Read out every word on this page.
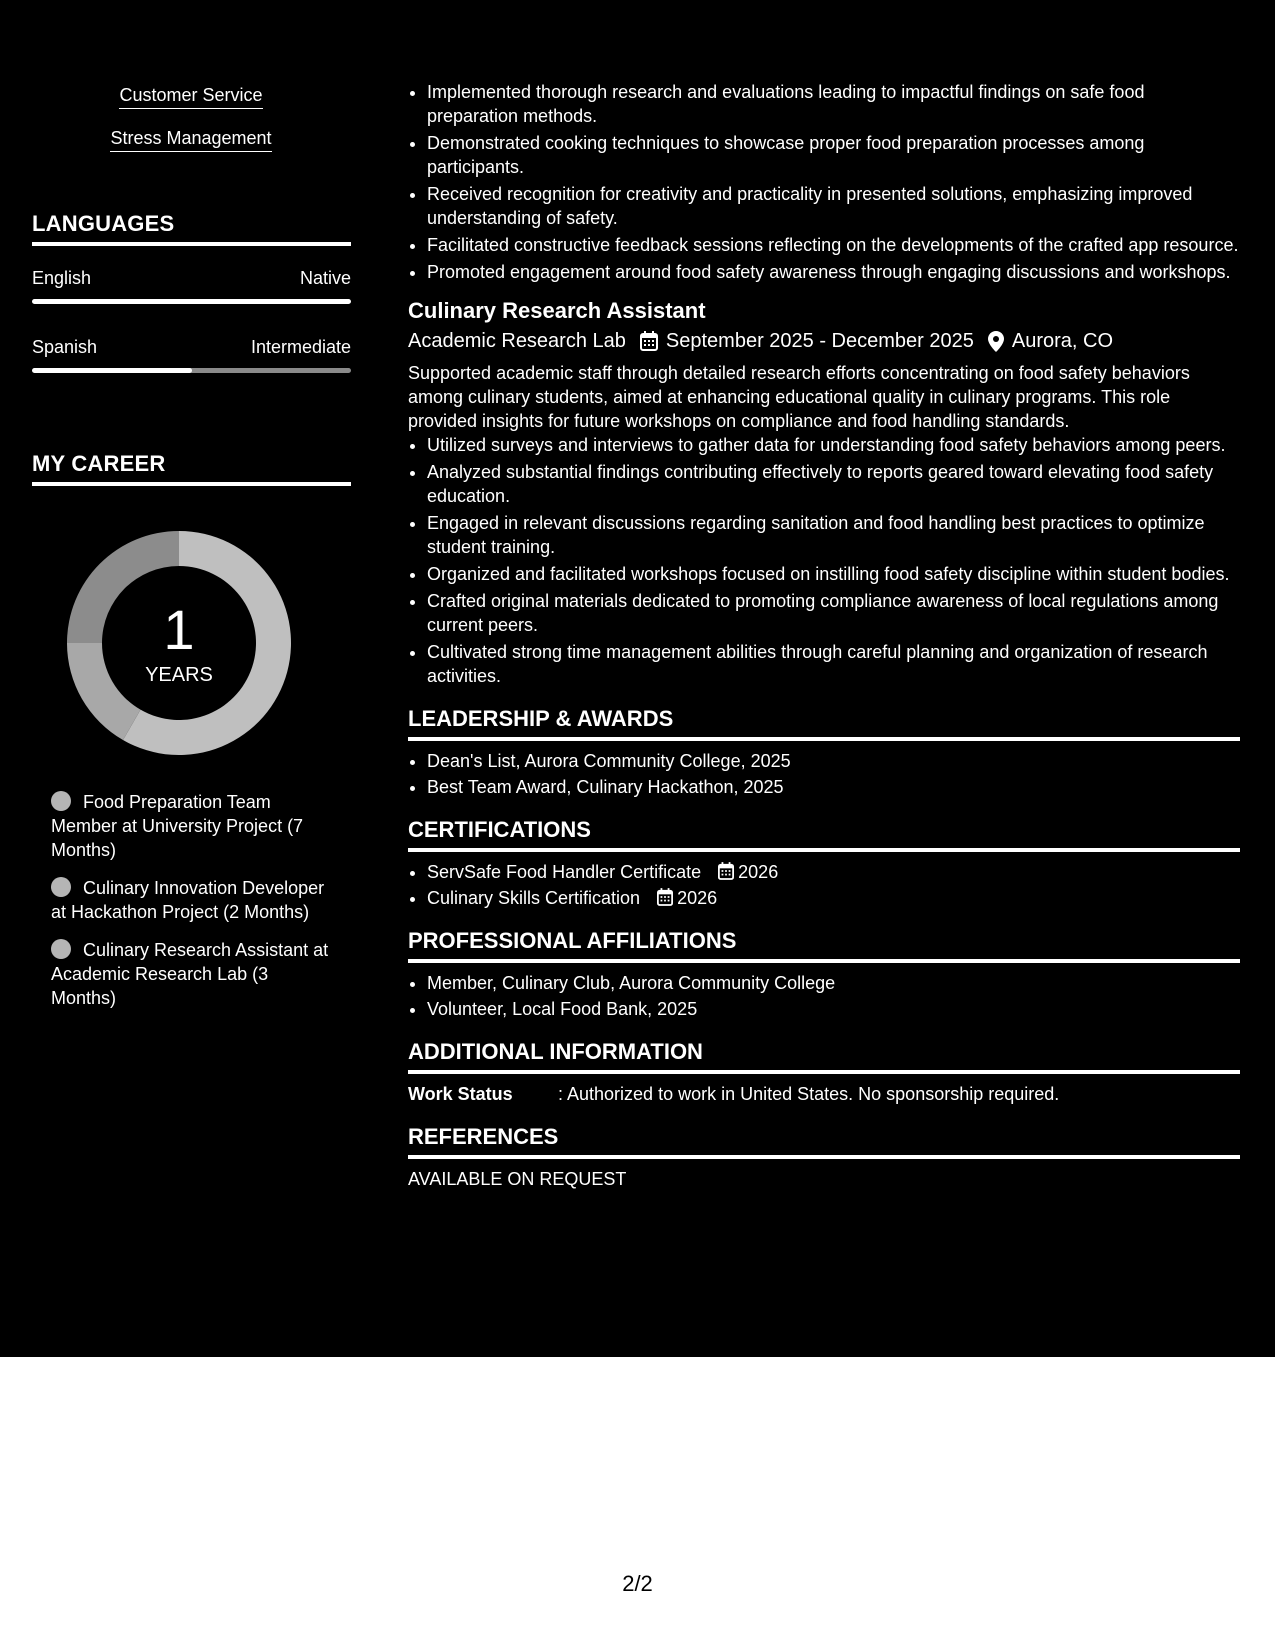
Customer Service
Stress Management
LANGUAGES
English	Native
Spanish	Intermediate
MY CAREER
1
YEARS
Food Preparation Team Member at University Project (7 Months)
Culinary Innovation Developer at Hackathon Project (2 Months)
Culinary Research Assistant at Academic Research Lab (3 Months)
• Implemented thorough research and evaluations leading to impactful findings on safe food preparation methods.
• Demonstrated cooking techniques to showcase proper food preparation processes among participants.
• Received recognition for creativity and practicality in presented solutions, emphasizing improved understanding of safety.
• Facilitated constructive feedback sessions reflecting on the developments of the crafted app resource.
• Promoted engagement around food safety awareness through engaging discussions and workshops.
Culinary Research Assistant
Academic Research Lab September 2025 - December 2025 Aurora, CO
Supported academic staff through detailed research efforts concentrating on food safety behaviors among culinary students, aimed at enhancing educational quality in culinary programs. This role provided insights for future workshops on compliance and food handling standards.
• Utilized surveys and interviews to gather data for understanding food safety behaviors among peers.
• Analyzed substantial findings contributing effectively to reports geared toward elevating food safety education.
• Engaged in relevant discussions regarding sanitation and food handling best practices to optimize student training.
• Organized and facilitated workshops focused on instilling food safety discipline within student bodies.
• Crafted original materials dedicated to promoting compliance awareness of local regulations among current peers.
• Cultivated strong time management abilities through careful planning and organization of research activities.
LEADERSHIP & AWARDS
• Dean's List, Aurora Community College, 2025
• Best Team Award, Culinary Hackathon, 2025
CERTIFICATIONS
• ServSafe Food Handler Certificate 2026
• Culinary Skills Certification 2026
PROFESSIONAL AFFILIATIONS
• Member, Culinary Club, Aurora Community College
• Volunteer, Local Food Bank, 2025
ADDITIONAL INFORMATION
Work Status	: Authorized to work in United States. No sponsorship required.
REFERENCES
AVAILABLE ON REQUEST
2/2
